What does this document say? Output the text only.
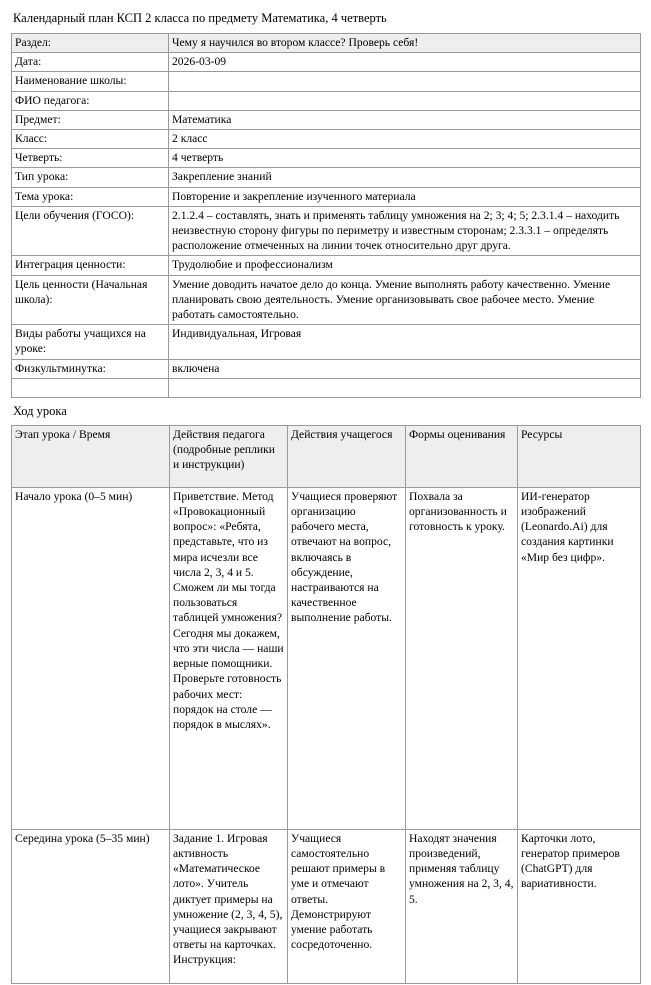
Календарный план КСП 2 класса по предмету Математика, 4 четверть
Раздел:	Чему я научился во втором классе? Проверь себя!
Дата:	2026-03-09
Наименование школы:	
ФИО педагога:	
Предмет:	Математика
Класс:	2 класс
Четверть:	4 четверть
Тип урока:	Закрепление знаний
Тема урока:	Повторение и закрепление изученного материала
Цели обучения (ГОСО):	2.1.2.4 – составлять, знать и применять таблицу умножения на 2; 3; 4; 5; 2.3.1.4 – находить неизвестную сторону фигуры по периметру и известным сторонам; 2.3.3.1 – определять расположение отмеченных на линии точек относительно друг друга.
Интеграция ценности:	Трудолюбие и профессионализм
Цель ценности (Начальная школа):	Умение доводить начатое дело до конца. Умение выполнять работу качественно. Умение планировать свою деятельность. Умение организовывать свое рабочее место. Умение работать самостоятельно.
Виды работы учащихся на уроке:	Индивидуальная, Игровая
Физкультминутка:	включена

Ход урока
Этап урока / Время	Действия педагога (подробные реплики и инструкции)	Действия учащегося	Формы оценивания	Ресурсы
Начало урока (0–5 мин)	Приветствие. Метод «Провокационный вопрос»: «Ребята, представьте, что из мира исчезли все числа 2, 3, 4 и 5. Сможем ли мы тогда пользоваться таблицей умножения? Сегодня мы докажем, что эти числа — наши верные помощники. Проверьте готовность рабочих мест: порядок на столе — порядок в мыслях».	Учащиеся проверяют организацию рабочего места, отвечают на вопрос, включаясь в обсуждение, настраиваются на качественное выполнение работы.	Похвала за организованность и готовность к уроку.	ИИ-генератор изображений (Leonardo.Ai) для создания картинки «Мир без цифр».
Середина урока (5–35 мин)	Задание 1. Игровая активность «Математическое лото». Учитель диктует примеры на умножение (2, 3, 4, 5), учащиеся закрывают ответы на карточках. Инструкция:	Учащиеся самостоятельно решают примеры в уме и отмечают ответы. Демонстрируют умение работать сосредоточенно.	Находят значения произведений, применяя таблицу умножения на 2, 3, 4, 5.	Карточки лото, генератор примеров (ChatGPT) для вариативности.
